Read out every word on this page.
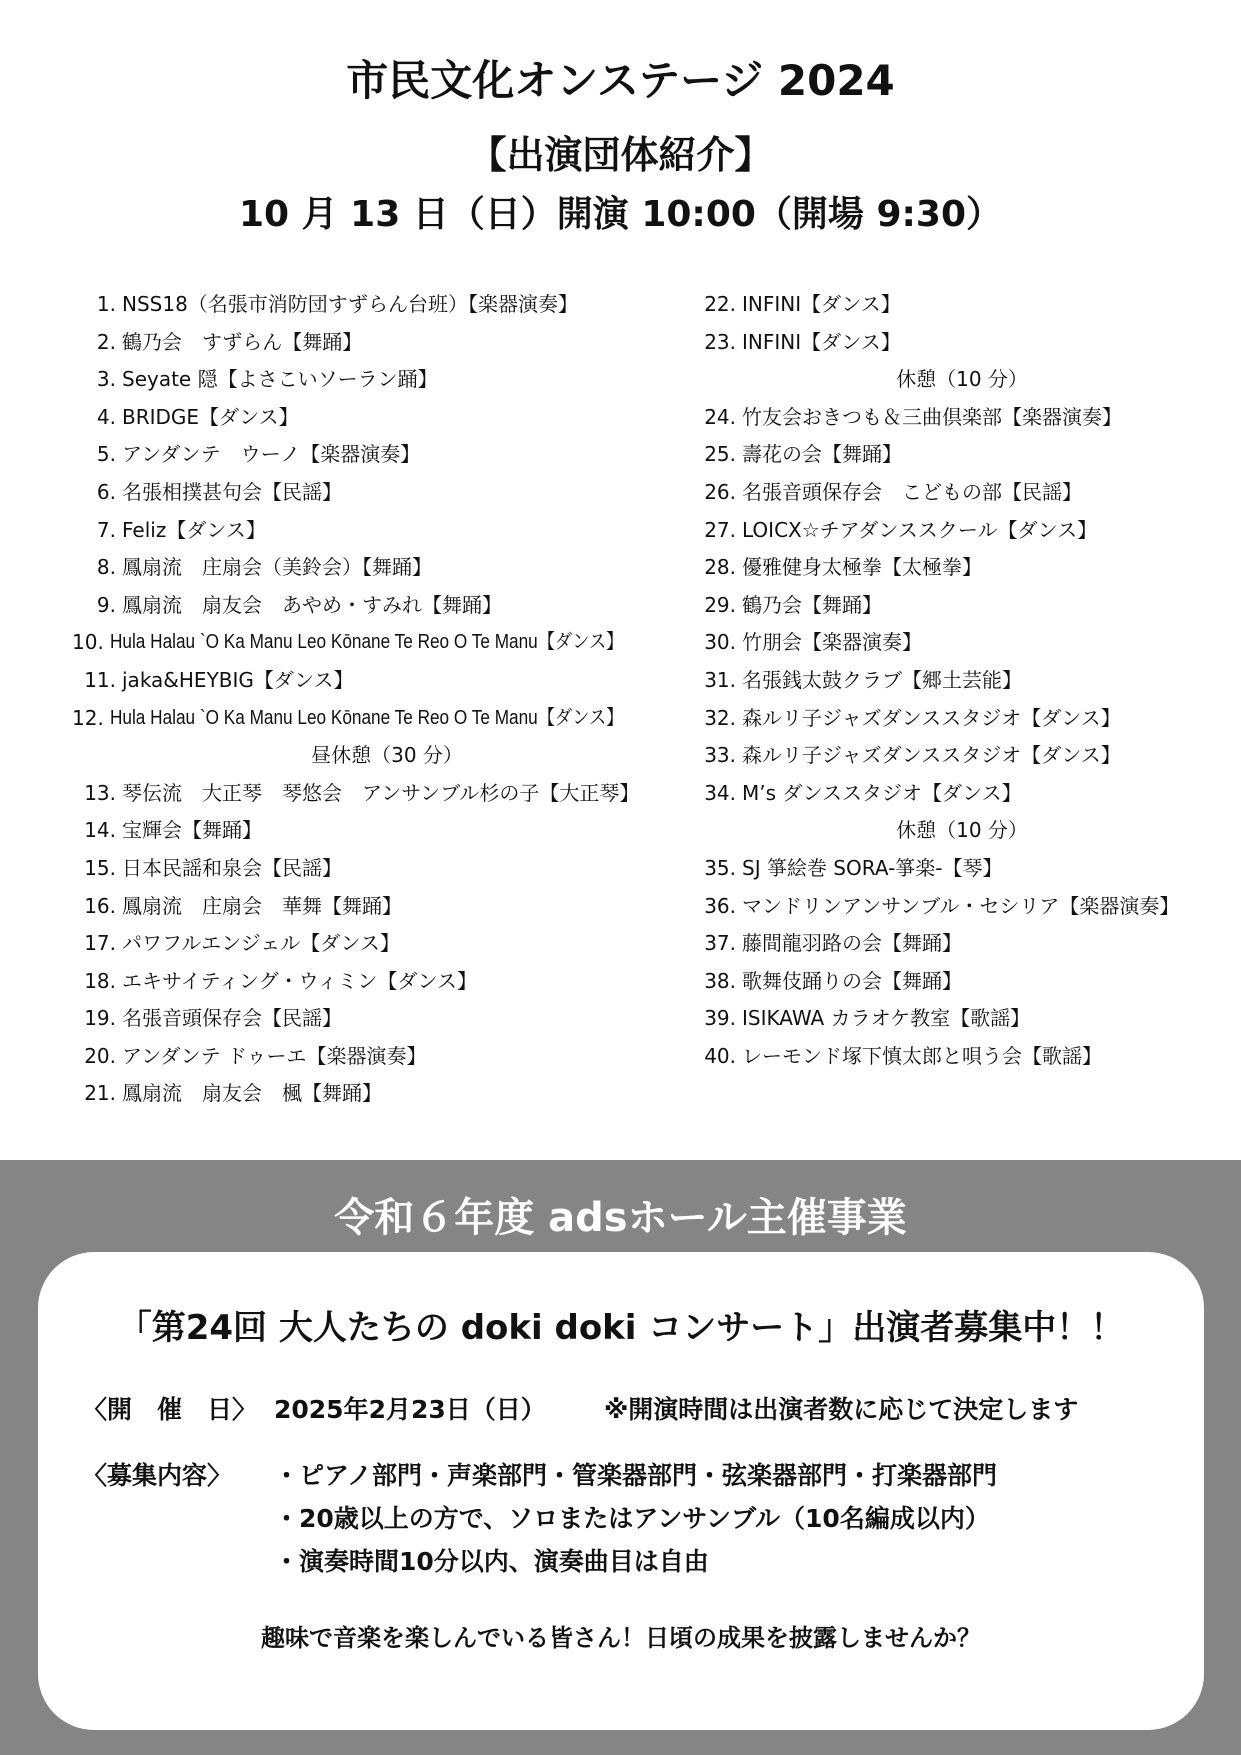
市民文化オンステージ 2024
【出演団体紹介】
10 月 13 日（日）開演 10:00（開場 9:30）
1. NSS18（名張市消防団すずらん台班）【楽器演奏】
2. 鶴乃会　すずらん【舞踊】
3. Seyate 隠【よさこいソーラン踊】
4. BRIDGE【ダンス】
5. アンダンテ　ウーノ【楽器演奏】
6. 名張相撲甚句会【民謡】
7. Feliz【ダンス】
8. 鳳扇流　庄扇会（美鈴会）【舞踊】
9. 鳳扇流　扇友会　あやめ・すみれ【舞踊】
10. Hula Halau `O Ka Manu Leo Kōnane Te Reo O Te Manu【ダンス】
11. jaka&HEYBIG【ダンス】
12. Hula Halau `O Ka Manu Leo Kōnane Te Reo O Te Manu【ダンス】
昼休憩（30 分）
13. 琴伝流　大正琴　琴悠会　アンサンブル杉の子【大正琴】
14. 宝輝会【舞踊】
15. 日本民謡和泉会【民謡】
16. 鳳扇流　庄扇会　華舞【舞踊】
17. パワフルエンジェル【ダンス】
18. エキサイティング・ウィミン【ダンス】
19. 名張音頭保存会【民謡】
20. アンダンテ ドゥーエ【楽器演奏】
21. 鳳扇流　扇友会　楓【舞踊】
22. INFINI【ダンス】
23. INFINI【ダンス】
休憩（10 分）
24. 竹友会おきつも＆三曲倶楽部【楽器演奏】
25. 壽花の会【舞踊】
26. 名張音頭保存会　こどもの部【民謡】
27. LOICX☆チアダンススクール【ダンス】
28. 優雅健身太極拳【太極拳】
29. 鶴乃会【舞踊】
30. 竹朋会【楽器演奏】
31. 名張銭太鼓クラブ【郷土芸能】
32. 森ルリ子ジャズダンススタジオ【ダンス】
33. 森ルリ子ジャズダンススタジオ【ダンス】
34. M’s ダンススタジオ【ダンス】
休憩（10 分）
35. SJ 箏絵巻 SORA-箏楽-【琴】
36. マンドリンアンサンブル・セシリア【楽器演奏】
37. 藤間龍羽路の会【舞踊】
38. 歌舞伎踊りの会【舞踊】
39. ISIKAWA カラオケ教室【歌謡】
40. レーモンド塚下慎太郎と唄う会【歌謡】
令和６年度 adsホール主催事業
「第24回 大人たちの doki doki コンサート」出演者募集中！！
〈開　催　日〉 2025年2月23日（日） ※開演時間は出演者数に応じて決定します
〈募集内容〉 ・ピアノ部門・声楽部門・管楽器部門・弦楽器部門・打楽器部門
・20歳以上の方で、ソロまたはアンサンブル（10名編成以内）
・演奏時間10分以内、演奏曲目は自由
趣味で音楽を楽しんでいる皆さん！日頃の成果を披露しませんか？
